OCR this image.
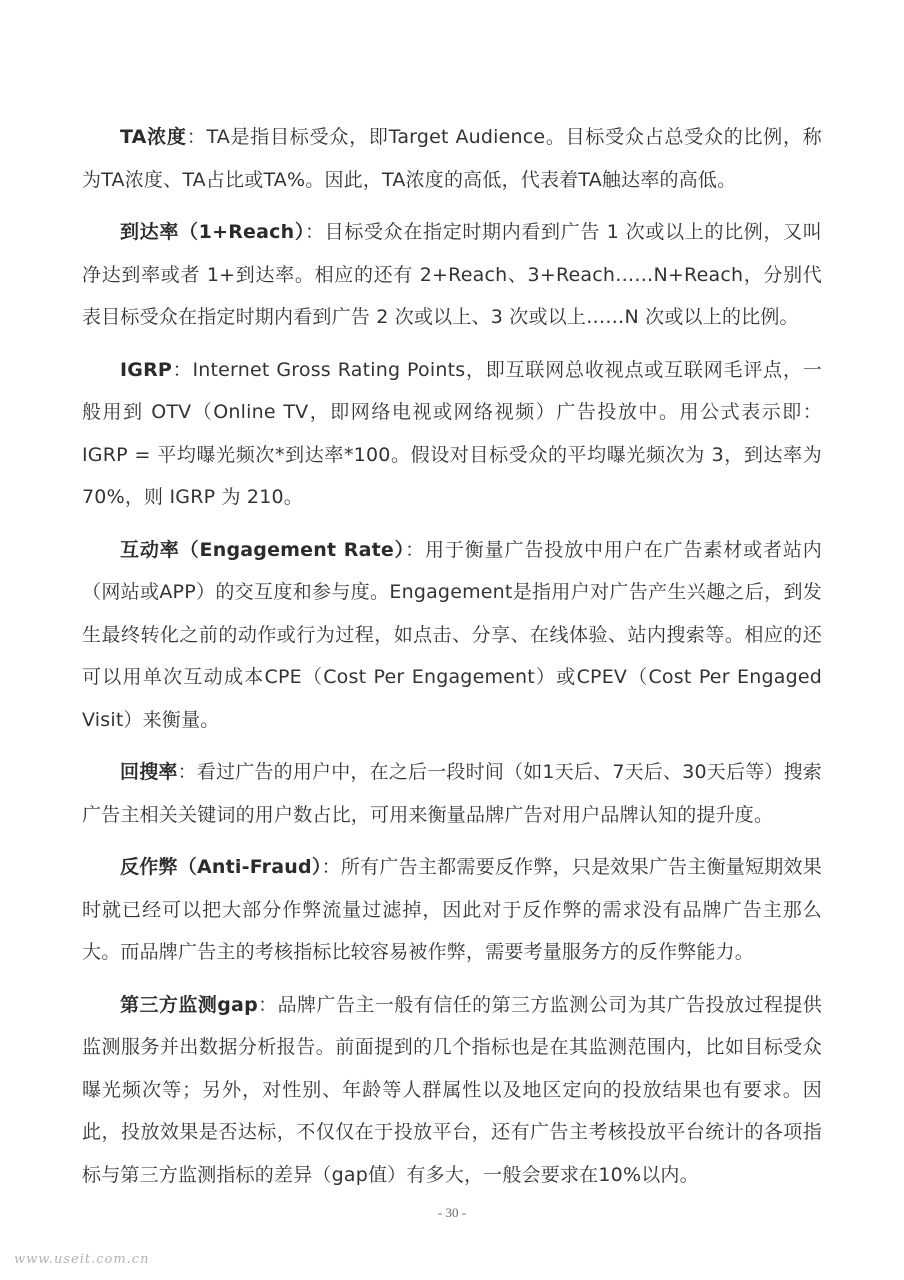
TA浓度：TA是指目标受众，即Target Audience。目标受众占总受众的比例，称为TA浓度、TA占比或TA%。因此，TA浓度的高低，代表着TA触达率的高低。

到达率（1+Reach）：目标受众在指定时期内看到广告 1 次或以上的比例，又叫净达到率或者 1+到达率。相应的还有 2+Reach、3+Reach……N+Reach，分别代表目标受众在指定时期内看到广告 2 次或以上、3 次或以上……N 次或以上的比例。

IGRP：Internet Gross Rating Points，即互联网总收视点或互联网毛评点，一般用到 OTV（Online TV，即网络电视或网络视频）广告投放中。用公式表示即：IGRP = 平均曝光频次*到达率*100。假设对目标受众的平均曝光频次为 3，到达率为 70%，则 IGRP 为 210。

互动率（Engagement Rate）：用于衡量广告投放中用户在广告素材或者站内（网站或APP）的交互度和参与度。Engagement是指用户对广告产生兴趣之后，到发生最终转化之前的动作或行为过程，如点击、分享、在线体验、站内搜索等。相应的还可以用单次互动成本CPE（Cost Per Engagement）或CPEV（Cost Per Engaged Visit）来衡量。

回搜率：看过广告的用户中，在之后一段时间（如1天后、7天后、30天后等）搜索广告主相关关键词的用户数占比，可用来衡量品牌广告对用户品牌认知的提升度。

反作弊（Anti-Fraud）：所有广告主都需要反作弊，只是效果广告主衡量短期效果时就已经可以把大部分作弊流量过滤掉，因此对于反作弊的需求没有品牌广告主那么大。而品牌广告主的考核指标比较容易被作弊，需要考量服务方的反作弊能力。

第三方监测gap：品牌广告主一般有信任的第三方监测公司为其广告投放过程提供监测服务并出数据分析报告。前面提到的几个指标也是在其监测范围内，比如目标受众曝光频次等；另外，对性别、年龄等人群属性以及地区定向的投放结果也有要求。因此，投放效果是否达标，不仅仅在于投放平台，还有广告主考核投放平台统计的各项指标与第三方监测指标的差异（gap值）有多大，一般会要求在10%以内。

- 30 -
www.useit.com.cn
